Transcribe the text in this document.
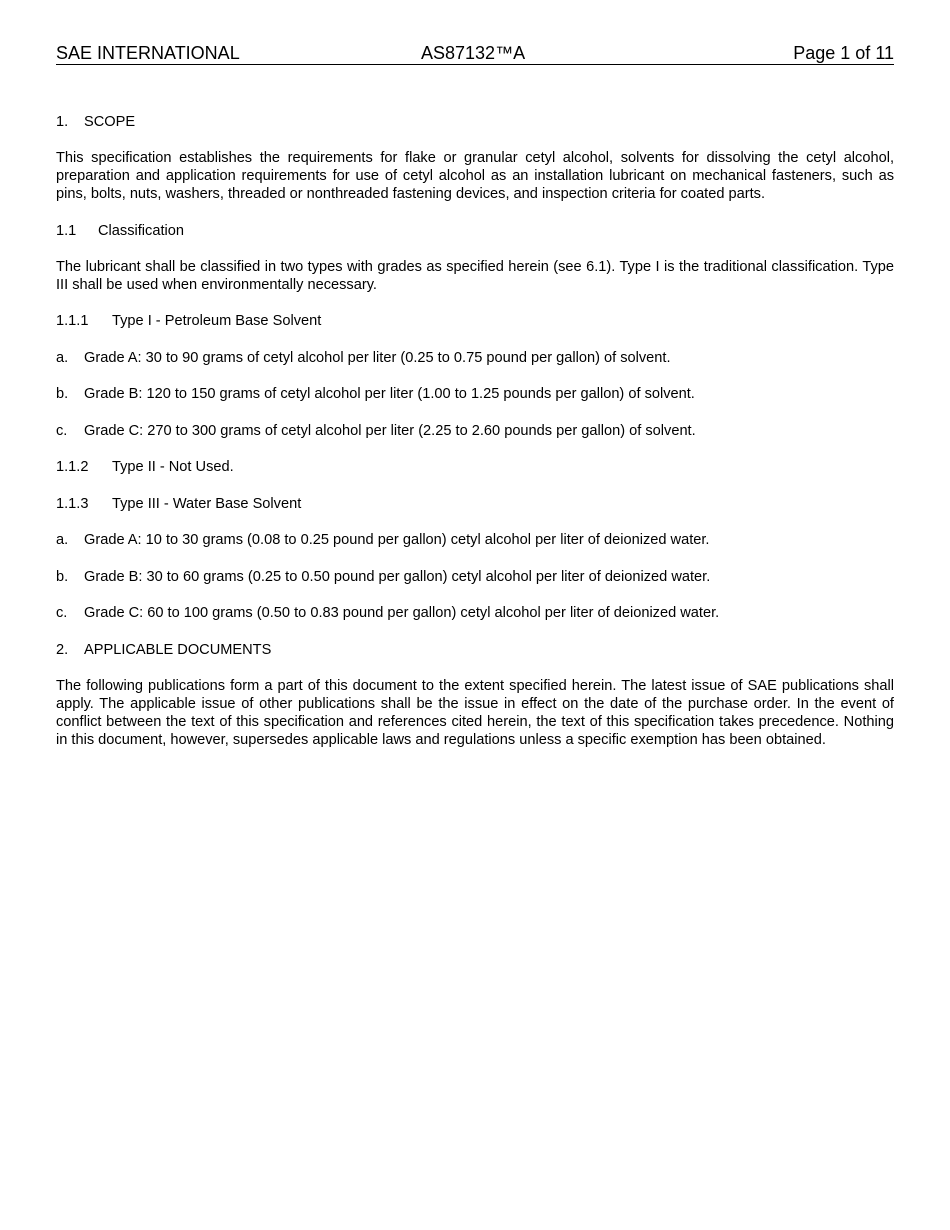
SAE INTERNATIONAL	AS87132™A	Page 1 of 11
1. SCOPE
This specification establishes the requirements for flake or granular cetyl alcohol, solvents for dissolving the cetyl alcohol, preparation and application requirements for use of cetyl alcohol as an installation lubricant on mechanical fasteners, such as pins, bolts, nuts, washers, threaded or nonthreaded fastening devices, and inspection criteria for coated parts.
1.1 Classification
The lubricant shall be classified in two types with grades as specified herein (see 6.1). Type I is the traditional classification. Type III shall be used when environmentally necessary.
1.1.1 Type I - Petroleum Base Solvent
a. Grade A: 30 to 90 grams of cetyl alcohol per liter (0.25 to 0.75 pound per gallon) of solvent.
b. Grade B: 120 to 150 grams of cetyl alcohol per liter (1.00 to 1.25 pounds per gallon) of solvent.
c. Grade C: 270 to 300 grams of cetyl alcohol per liter (2.25 to 2.60 pounds per gallon) of solvent.
1.1.2 Type II - Not Used.
1.1.3 Type III - Water Base Solvent
a. Grade A: 10 to 30 grams (0.08 to 0.25 pound per gallon) cetyl alcohol per liter of deionized water.
b. Grade B: 30 to 60 grams (0.25 to 0.50 pound per gallon) cetyl alcohol per liter of deionized water.
c. Grade C: 60 to 100 grams (0.50 to 0.83 pound per gallon) cetyl alcohol per liter of deionized water.
2. APPLICABLE DOCUMENTS
The following publications form a part of this document to the extent specified herein. The latest issue of SAE publications shall apply. The applicable issue of other publications shall be the issue in effect on the date of the purchase order. In the event of conflict between the text of this specification and references cited herein, the text of this specification takes precedence. Nothing in this document, however, supersedes applicable laws and regulations unless a specific exemption has been obtained.
